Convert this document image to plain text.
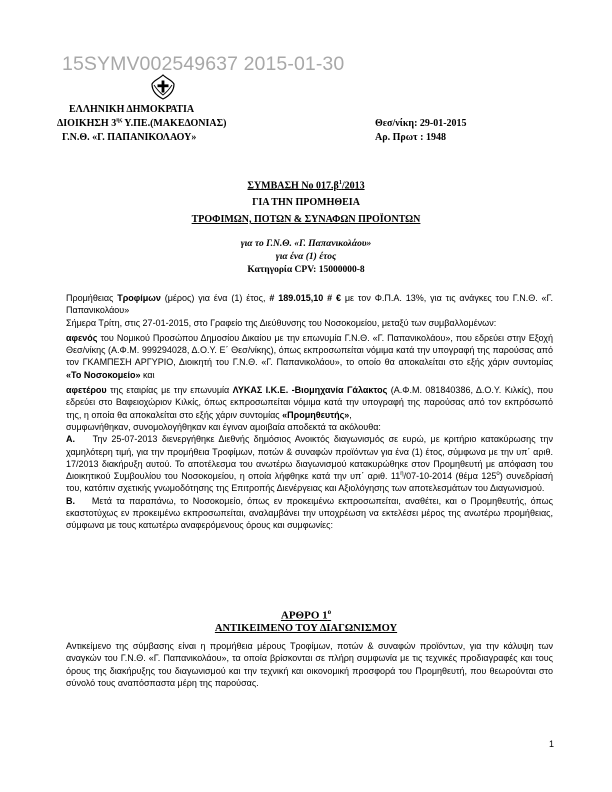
15SYMV002549637 2015-01-30
ΕΛΛΗΝΙΚΗ ΔΗΜΟΚΡΑΤΙΑ
ΔΙΟΙΚΗΣΗ $3^{\eta\varsigma}$ Υ.ΠΕ.(ΜΑΚΕΔΟΝΙΑΣ)
Γ.Ν.Θ. «Γ. ΠΑΠΑΝΙΚΟΛΑΟΥ»
Θεσ/νίκη: 29-01-2015
Αρ. Πρωτ : 1948
ΣΥΜΒΑΣΗ Νο $017.\beta^1/2013$
ΓΙΑ ΤΗΝ ΠΡΟΜΗΘΕΙΑ
ΤΡΟΦΙΜΩΝ, ΠΟΤΩΝ & ΣΥΝΑΦΩΝ ΠΡΟΪΟΝΤΩΝ
για το Γ.Ν.Θ. «Γ. Παπανικολάου»
για ένα (1) έτος
Κατηγορία CPV: 15000000-8

Προμήθειας Τροφίμων (μέρος) για ένα (1) έτος, # 189.015,10 # € με τον Φ.Π.Α. 13%, για τις ανάγκες του Γ.Ν.Θ. «Γ. Παπανικολάου»

Σήμερα Τρίτη, στις 27-01-2015, στο Γραφείο της Διεύθυνσης του Νοσοκομείου, μεταξύ των συμβαλλομένων:

αφενός του Νομικού Προσώπου Δημοσίου Δικαίου με την επωνυμία Γ.Ν.Θ. «Γ. Παπανικολάου», που εδρεύει στην Εξοχή Θεσ/νίκης (Α.Φ.Μ. 999294028, Δ.Ο.Υ. Ε΄ Θεσ/νίκης), όπως εκπροσωπείται νόμιμα κατά την υπογραφή της παρούσας από τον ΓΚΑΜΠΕΣΗ ΑΡΓΥΡΙΟ, Διοικητή του Γ.Ν.Θ. «Γ. Παπανικολάου», το οποίο θα αποκαλείται στο εξής χάριν συντομίας «Το Νοσοκομείο» και

αφετέρου της εταιρίας με την επωνυμία ΛΥΚΑΣ Ι.Κ.Ε. -Βιομηχανία Γάλακτος (Α.Φ.Μ. 081840386, Δ.Ο.Υ. Κιλκίς), που εδρεύει στο Βαφειοχώριον Κιλκίς, όπως εκπροσωπείται νόμιμα κατά την υπογραφή της παρούσας από τον εκπρόσωπό της, η οποία θα αποκαλείται στο εξής χάριν συντομίας «Προμηθευτής»,

συμφωνήθηκαν, συνομολογήθηκαν και έγιναν αμοιβαία αποδεκτά τα ακόλουθα:

Α. Την 25-07-2013 διενεργήθηκε Διεθνής δημόσιος Ανοικτός διαγωνισμός σε ευρώ, με κριτήριο κατακύρωσης την χαμηλότερη τιμή, για την προμήθεια Τροφίμων, ποτών & συναφών προϊόντων για ένα (1) έτος, σύμφωνα με την υπ΄ αριθ. 17/2013 διακήρυξη αυτού. Το αποτέλεσμα του ανωτέρω διαγωνισμού κατακυρώθηκε στον Προμηθευτή με απόφαση του Διοικητικού Συμβουλίου του Νοσοκομείου, η οποία λήφθηκε κατά την υπ΄ αριθ. $11^\eta/07-10-2014$ (θέμα $125^o$) συνεδρίασή του, κατόπιν σχετικής γνωμοδότησης της Επιτροπής Διενέργειας και Αξιολόγησης των αποτελεσμάτων του Διαγωνισμού.

Β. Μετά τα παραπάνω, το Νοσοκομείο, όπως εν προκειμένω εκπροσωπείται, αναθέτει, και ο Προμηθευτής, όπως εκαστοτύχως εν προκειμένω εκπροσωπείται, αναλαμβάνει την υποχρέωση να εκτελέσει μέρος της ανωτέρω προμήθειας, σύμφωνα με τους κατωτέρω αναφερόμενους όρους και συμφωνίες:

ΑΡΘΡΟ $1^o$
ΑΝΤΙΚΕΙΜΕΝΟ ΤΟΥ ΔΙΑΓΩΝΙΣΜΟΥ

Αντικείμενο της σύμβασης είναι η προμήθεια μέρους Τροφίμων, ποτών & συναφών προϊόντων, για την κάλυψη των αναγκών του Γ.Ν.Θ. «Γ. Παπανικολάου», τα οποία βρίσκονται σε πλήρη συμφωνία με τις τεχνικές προδιαγραφές και τους όρους της διακήρυξης του διαγωνισμού και την τεχνική και οικονομική προσφορά του Προμηθευτή, που θεωρούνται στο σύνολό τους αναπόσπαστα μέρη της παρούσας.

1
